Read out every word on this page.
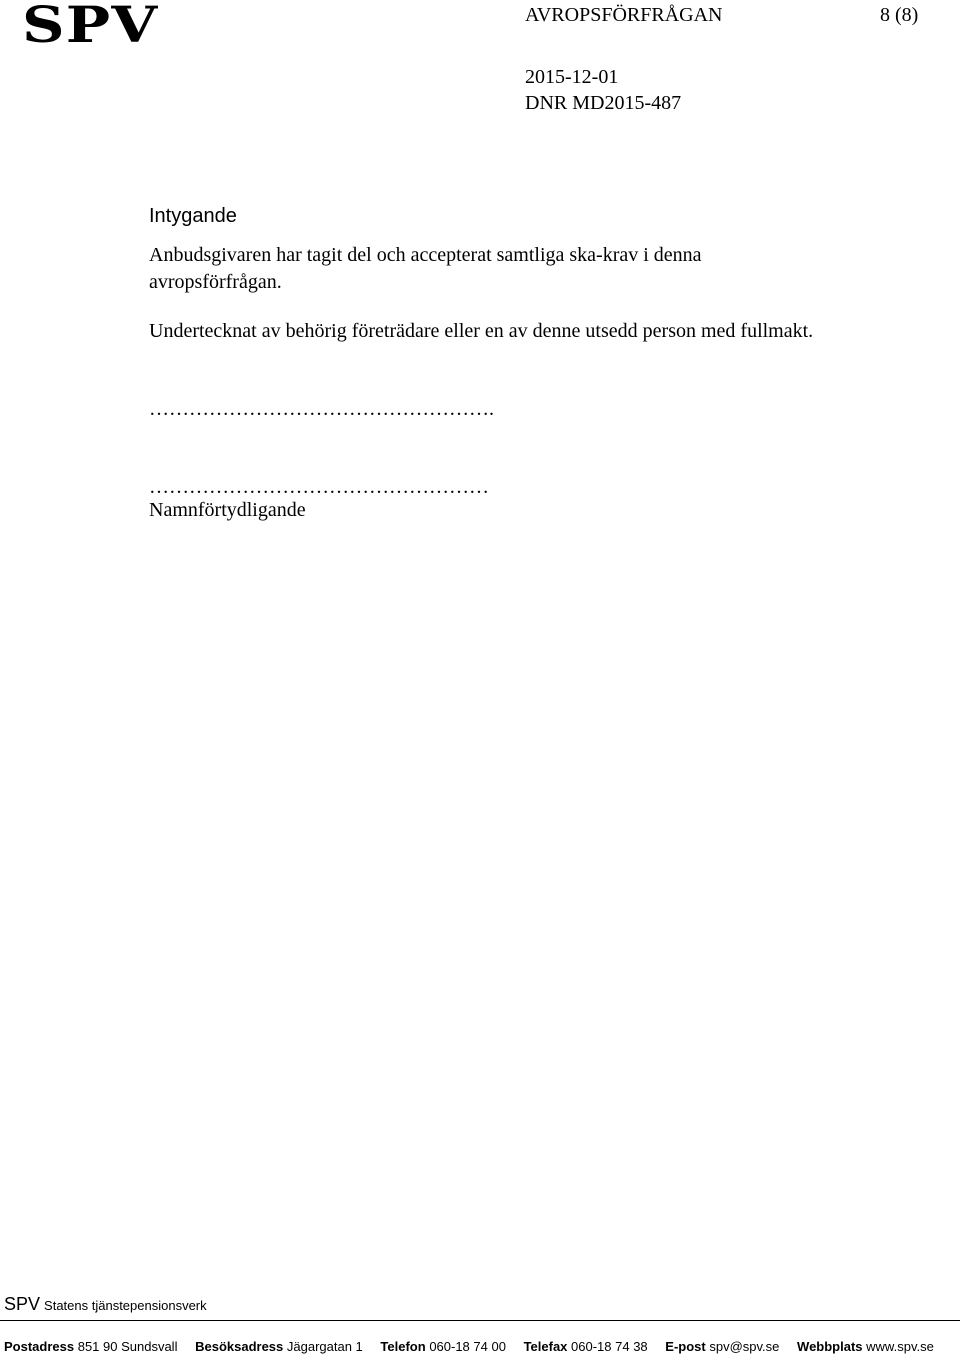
SPV	AVROPSFÖRFRÅGAN	8 (8)
2015-12-01
DNR MD2015-487
Intygande
Anbudsgivaren har tagit del och accepterat samtliga ska-krav i denna avropsförfrågan.
Undertecknat av behörig företrädare eller en av denne utsedd person med fullmakt.
…………………………………………….
……………………………………………
Namnförtydligande
SPV Statens tjänstepensionsverk
Postadress 851 90 Sundsvall Besöksadress Jägargatan 1 Telefon 060-18 74 00 Telefax 060-18 74 38 E-post spv@spv.se Webbplats www.spv.se
